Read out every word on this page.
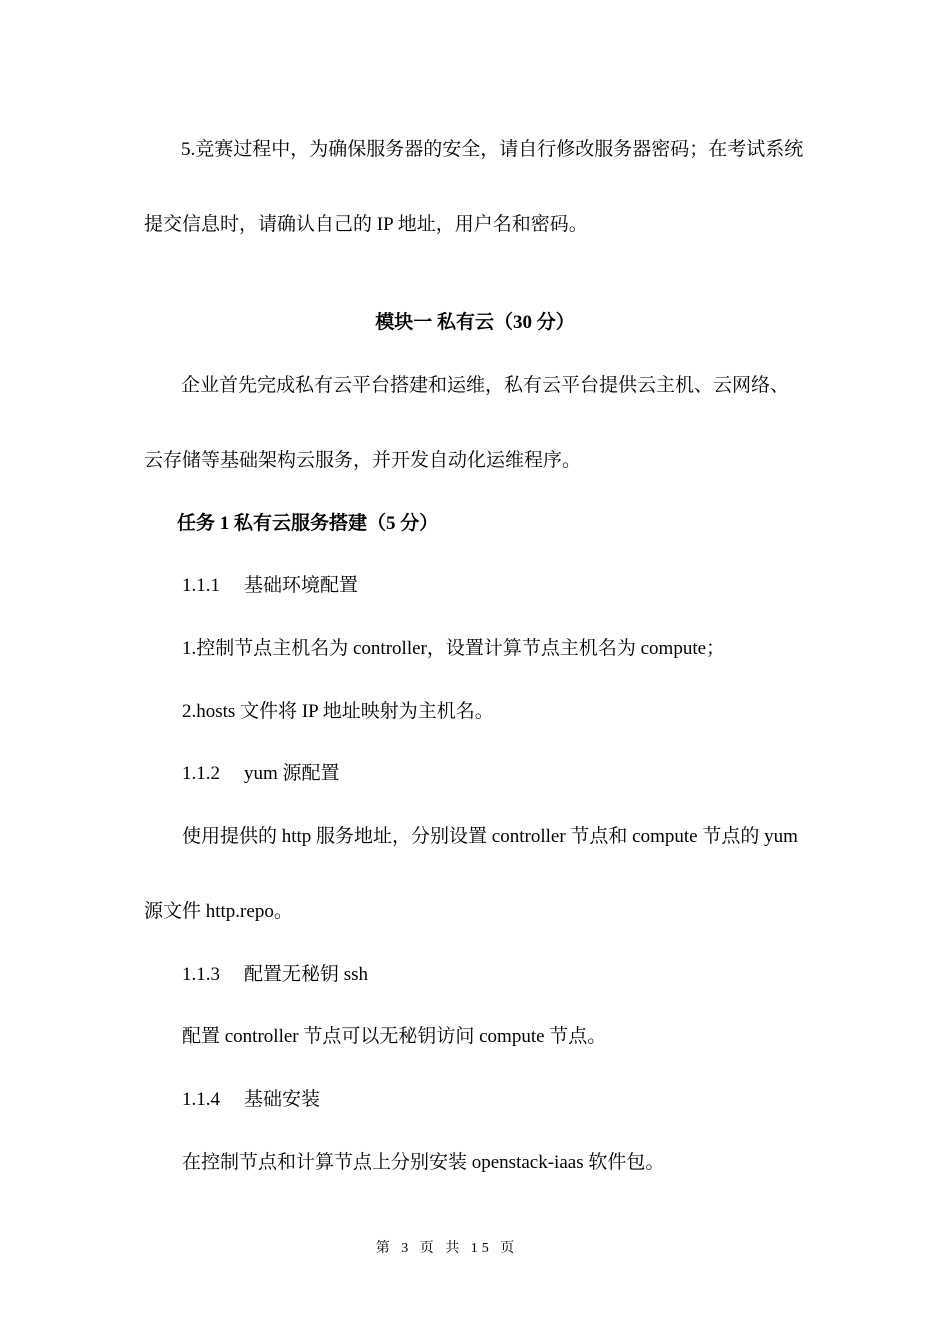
5.竞赛过程中，为确保服务器的安全，请自行修改服务器密码；在考试系统
提交信息时，请确认自己的 IP 地址，用户名和密码。
模块一 私有云（30 分）
企业首先完成私有云平台搭建和运维，私有云平台提供云主机、云网络、
云存储等基础架构云服务，并开发自动化运维程序。
任务 1 私有云服务搭建（5 分）
1.1.1 基础环境配置
1.控制节点主机名为 controller，设置计算节点主机名为 compute；
2.hosts 文件将 IP 地址映射为主机名。
1.1.2 yum 源配置
使用提供的 http 服务地址，分别设置 controller 节点和 compute 节点的 yum
源文件 http.repo。
1.1.3 配置无秘钥 ssh
配置 controller 节点可以无秘钥访问 compute 节点。
1.1.4 基础安装
在控制节点和计算节点上分别安装 openstack-iaas 软件包。
第 3 页 共 15 页
